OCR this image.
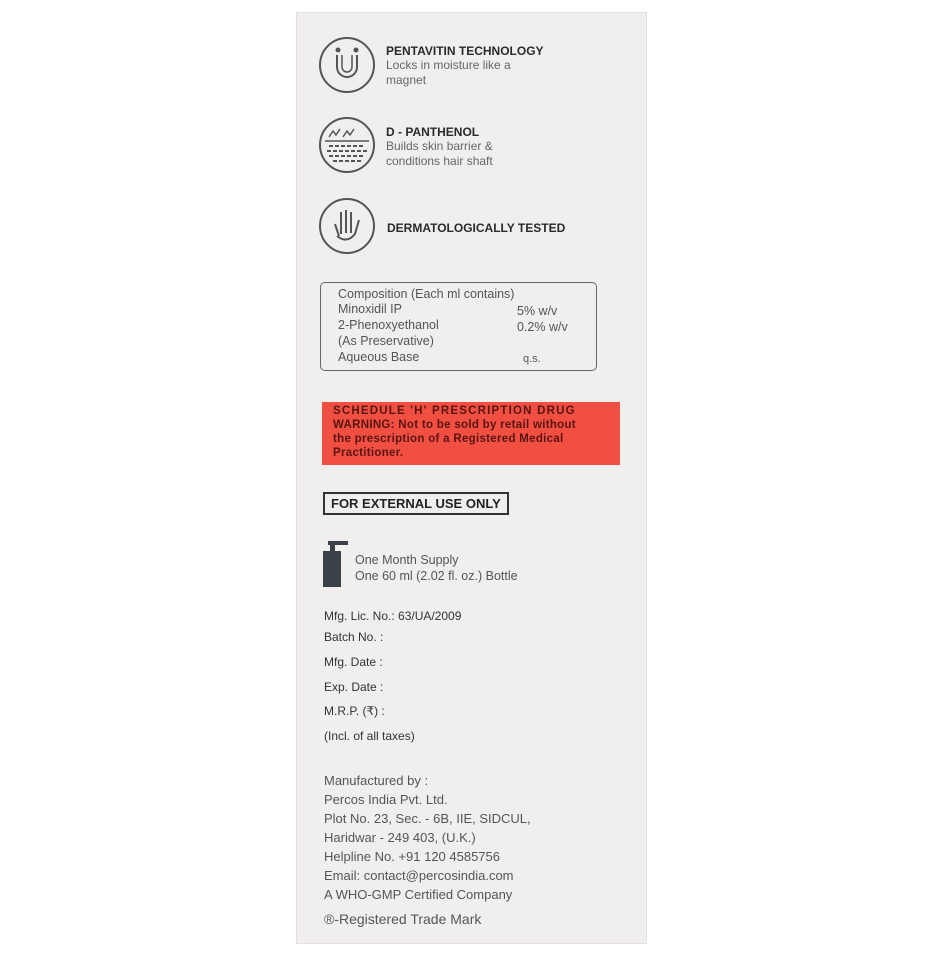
PENTAVITIN TECHNOLOGY
Locks in moisture like a
magnet
D - PANTHENOL
Builds skin barrier &
conditions hair shaft
DERMATOLOGICALLY TESTED
Composition (Each ml contains)
Minoxidil IP	5% w/v
2-Phenoxyethanol	0.2% w/v
(As Preservative)
Aqueous Base	q.s.
SCHEDULE 'H' PRESCRIPTION DRUG
WARNING: Not to be sold by retail without
the prescription of a Registered Medical
Practitioner.
FOR EXTERNAL USE ONLY
One Month Supply
One 60 ml (2.02 fl. oz.) Bottle
Mfg. Lic. No.: 63/UA/2009
Batch No. :
Mfg. Date :
Exp. Date :
M.R.P. (₹) :
(Incl. of all taxes)
Manufactured by :
Percos India Pvt. Ltd.
Plot No. 23, Sec. - 6B, IIE, SIDCUL,
Haridwar - 249 403, (U.K.)
Helpline No. +91 120 4585756
Email: contact@percosindia.com
A WHO-GMP Certified Company
®-Registered Trade Mark
